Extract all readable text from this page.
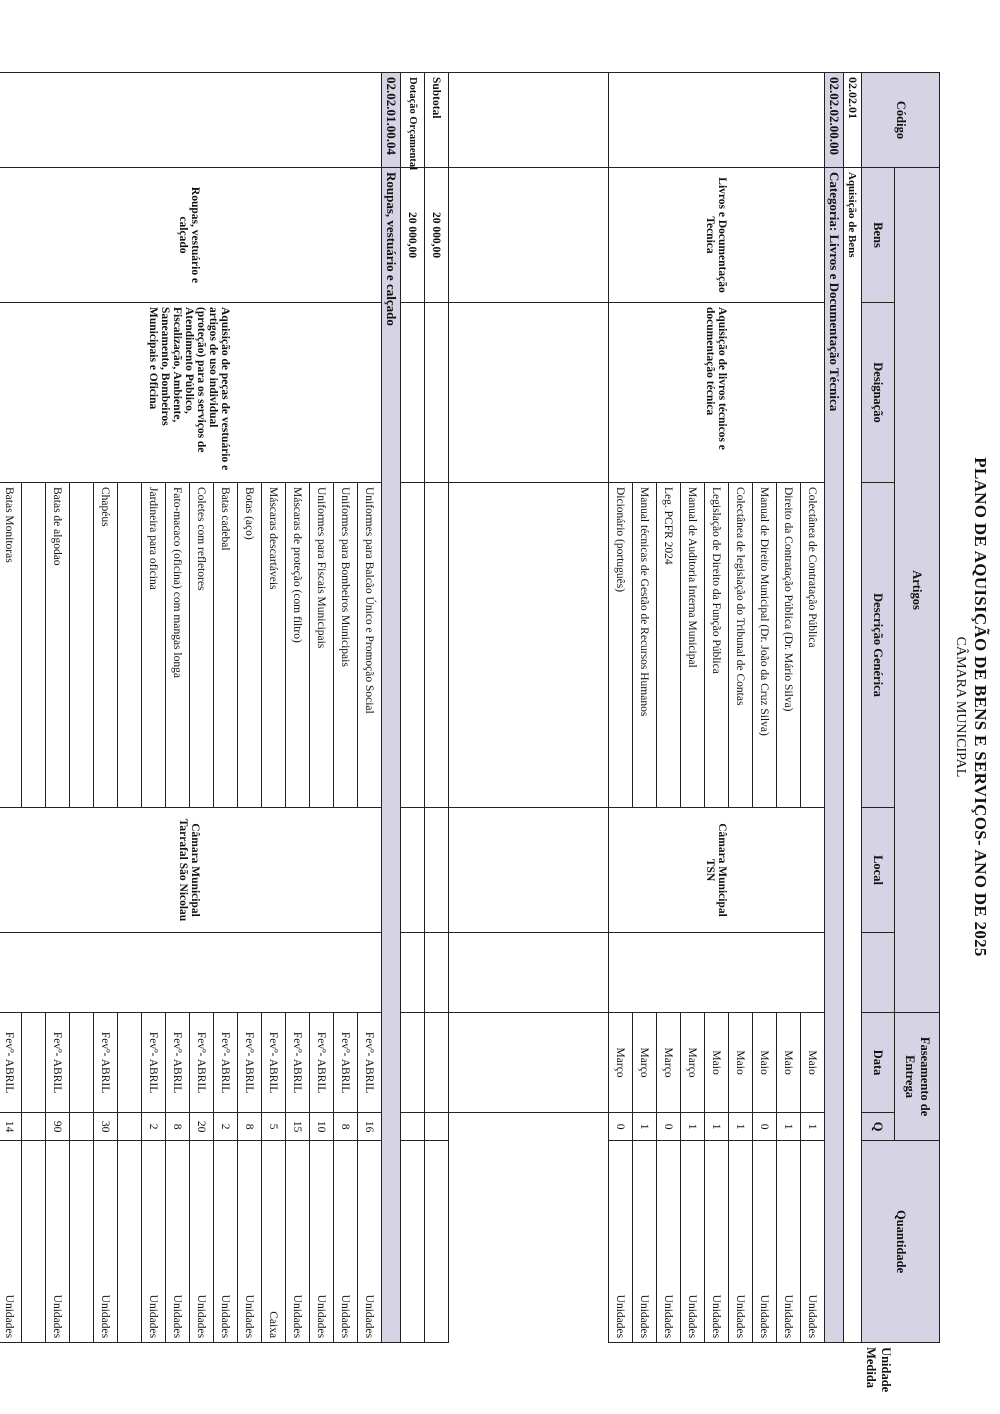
PLANO DE AQUISIÇÃO DE BENS E SERVIÇOS- ANO DE 2025
CÂMARA MUNICIPAL
Código	Artigos					Faseamento de Entrega		Quantidade	
	Bens	Designação	Descrição Genérica	Local		Data	Q		Unidade Medida
02.02.01	Aquisição de Bens								
02.02.02.00.00	Categoria: Livros e Documentação Técnica								
	Livros e Documentação Tecnica	Aquisição de livros técnicos e documentação técnica	Colectânea de Contratação Pública	Câmara Municipal TSN		Maio	1	Unidades	
			Direito da Contratação Pública (Dr. Mário Silva)			Maio	1	Unidades	
			Manual de Direito Municipal (Dr. João da Cruz Silva)			Maio	0	Unidades	
			Colectânea de legislação do Tribunal de Contas			Maio	1	Unidades	
			Legislação de Direito da Função Pública			Maio	1	Unidades	
			Manual de Auditoria Interna Municipal			Março	1	Unidades	
			Leg. PCFR 2024			Março	0	Unidades	
			Manual técnicas de Gestão de Recursos Humanos			Março	1	Unidades	
			Dicionário (português)			Março	0	Unidades	

Subtotal	20 000,00								
Dotação Orçamental	20 000,00								
02.02.01.00.04	Roupas, vestuário e calçado								
	Roupas, vestuário e calçado	Aquisição de peças de vestuário e artigos de uso individual (proteção) para os serviços de Atendimento Público, Fiscalização, Ambiente, Saneamento, Bombeiros Municipais e Oficina	Uniformes para Balcão Único e Promoção Social	Câmara Municipal Tarrafal São Nicolau		Fevº- ABRIL	16	Unidades	
			Uniformes para Bombeiros Municipais			Fevº- ABRIL	8	Unidades	
			Uniformes para Fiscais Municipais			Fevº- ABRIL	10	Unidades	
			Máscaras de proteção (com filtro)			Fevº- ABRIL	15	Unidades	
			Máscaras descartáveis			Fevº- ABRIL	5	Caixa	
			Botas (aço)			Fevº- ABRIL	8	Unidades	
			Batas cadebal			Fevº- ABRIL	2	Unidades	
			Coletes com refletores			Fevº- ABRIL	20	Unidades	
			Fato-macaco (oficina) com mangas longa			Fevº- ABRIL	8	Unidades	
			Jardineira para oficina			Fevº- ABRIL	2	Unidades	

			Chapéus			Fevº- ABRIL	30	Unidades	

			Batas de algodao			Fevº- ABRIL	90	Unidades	

			Batas Monitoras			Fevº- ABRIL	14	Unidades	
